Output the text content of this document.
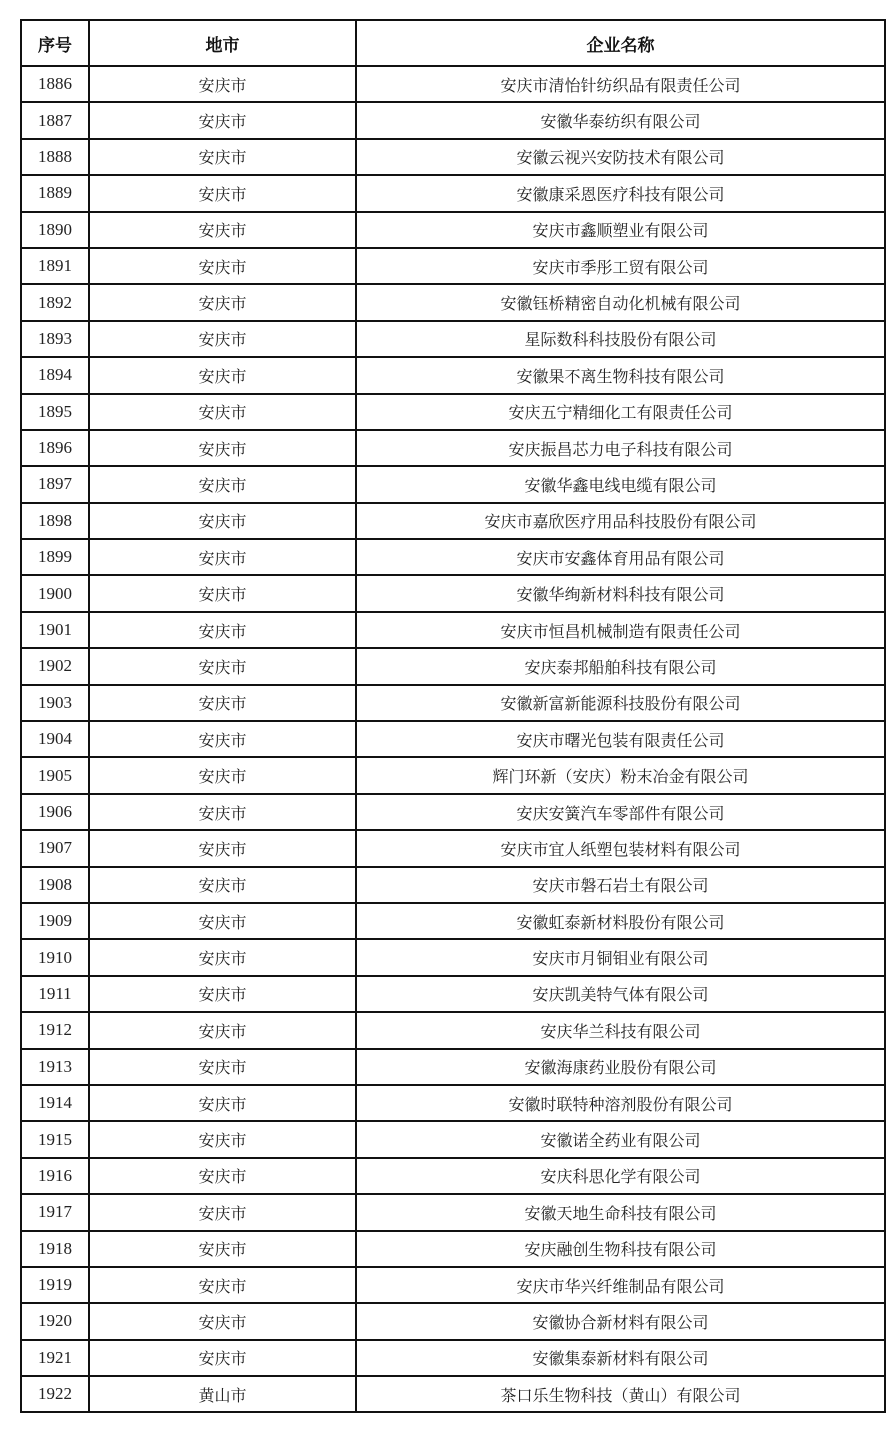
序号	地市	企业名称
1886	安庆市	安庆市清怡针纺织品有限责任公司
1887	安庆市	安徽华泰纺织有限公司
1888	安庆市	安徽云视兴安防技术有限公司
1889	安庆市	安徽康采恩医疗科技有限公司
1890	安庆市	安庆市鑫顺塑业有限公司
1891	安庆市	安庆市季彤工贸有限公司
1892	安庆市	安徽钰桥精密自动化机械有限公司
1893	安庆市	星际数科科技股份有限公司
1894	安庆市	安徽果不离生物科技有限公司
1895	安庆市	安庆五宁精细化工有限责任公司
1896	安庆市	安庆振昌芯力电子科技有限公司
1897	安庆市	安徽华鑫电线电缆有限公司
1898	安庆市	安庆市嘉欣医疗用品科技股份有限公司
1899	安庆市	安庆市安鑫体育用品有限公司
1900	安庆市	安徽华绚新材料科技有限公司
1901	安庆市	安庆市恒昌机械制造有限责任公司
1902	安庆市	安庆泰邦船舶科技有限公司
1903	安庆市	安徽新富新能源科技股份有限公司
1904	安庆市	安庆市曙光包装有限责任公司
1905	安庆市	辉门环新（安庆）粉末冶金有限公司
1906	安庆市	安庆安簧汽车零部件有限公司
1907	安庆市	安庆市宜人纸塑包装材料有限公司
1908	安庆市	安庆市磐石岩土有限公司
1909	安庆市	安徽虹泰新材料股份有限公司
1910	安庆市	安庆市月铜钼业有限公司
1911	安庆市	安庆凯美特气体有限公司
1912	安庆市	安庆华兰科技有限公司
1913	安庆市	安徽海康药业股份有限公司
1914	安庆市	安徽时联特种溶剂股份有限公司
1915	安庆市	安徽诺全药业有限公司
1916	安庆市	安庆科思化学有限公司
1917	安庆市	安徽天地生命科技有限公司
1918	安庆市	安庆融创生物科技有限公司
1919	安庆市	安庆市华兴纤维制品有限公司
1920	安庆市	安徽协合新材料有限公司
1921	安庆市	安徽集泰新材料有限公司
1922	黄山市	茶口乐生物科技（黄山）有限公司
